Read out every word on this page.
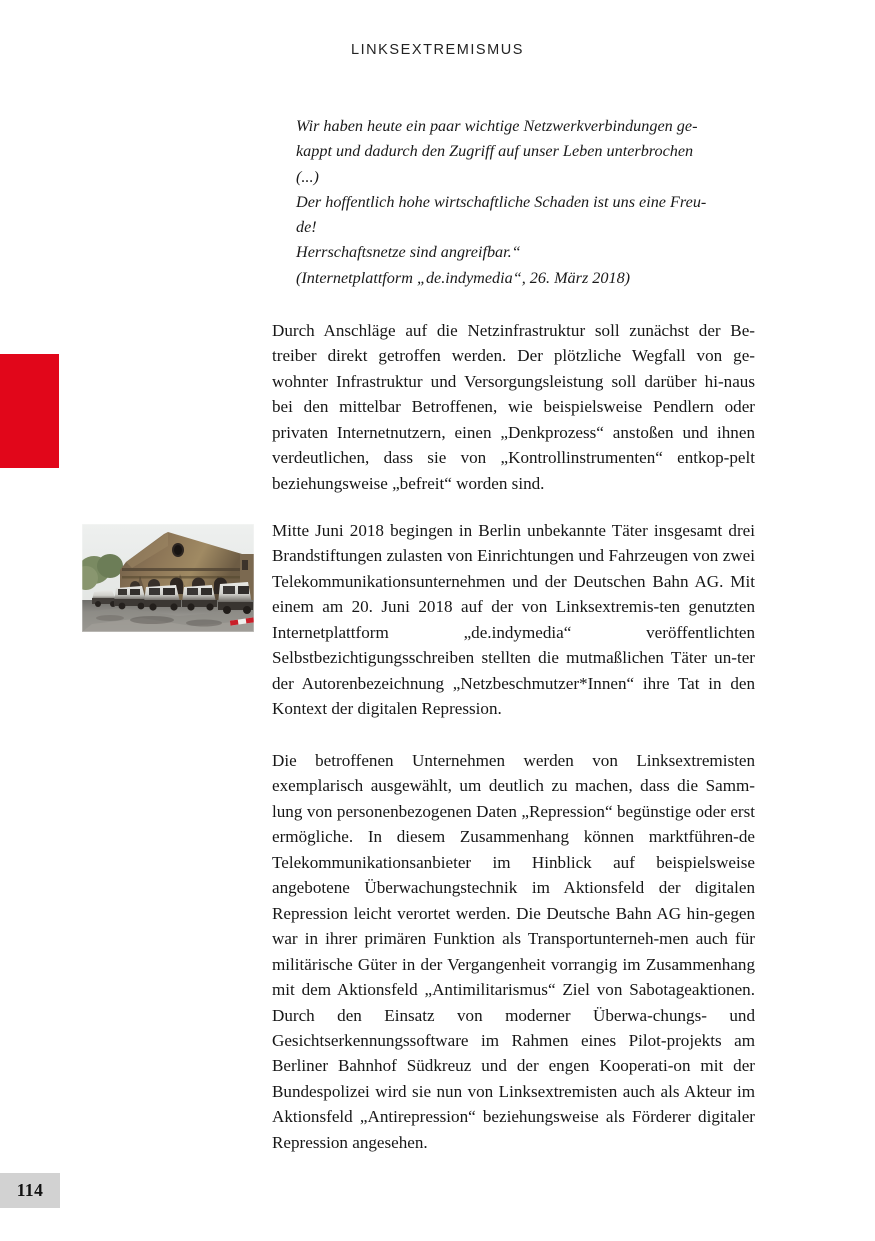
LINKSEXTREMISMUS
Wir haben heute ein paar wichtige Netzwerkverbindungen ge-
kappt und dadurch den Zugriff auf unser Leben unterbrochen
(...)
Der hoffentlich hohe wirtschaftliche Schaden ist uns eine Freu-
de!
Herrschaftsnetze sind angreifbar.“
(Internetplattform „de.indymedia“, 26. März 2018)

Durch Anschläge auf die Netzinfrastruktur soll zunächst der Be-treiber direkt getroffen werden. Der plötzliche Wegfall von ge-wohnter Infrastruktur und Versorgungsleistung soll darüber hi-naus bei den mittelbar Betroffenen, wie beispielsweise Pendlern oder privaten Internetnutzern, einen „Denkprozess“ anstoßen und ihnen verdeutlichen, dass sie von „Kontrollinstrumenten“ entkop-pelt beziehungsweise „befreit“ worden sind.

Mitte Juni 2018 begingen in Berlin unbekannte Täter insgesamt drei Brandstiftungen zulasten von Einrichtungen und Fahrzeugen von zwei Telekommunikationsunternehmen und der Deutschen Bahn AG. Mit einem am 20. Juni 2018 auf der von Linksextremis-ten genutzten Internetplattform „de.indymedia“ veröffentlichten Selbstbezichtigungsschreiben stellten die mutmaßlichen Täter un-ter der Autorenbezeichnung „Netzbeschmutzer*Innen“ ihre Tat in den Kontext der digitalen Repression.

Die betroffenen Unternehmen werden von Linksextremisten exemplarisch ausgewählt, um deutlich zu machen, dass die Samm-lung von personenbezogenen Daten „Repression“ begünstige oder erst ermögliche. In diesem Zusammenhang können marktführen-de Telekommunikationsanbieter im Hinblick auf beispielsweise angebotene Überwachungstechnik im Aktionsfeld der digitalen Repression leicht verortet werden. Die Deutsche Bahn AG hin-gegen war in ihrer primären Funktion als Transportunterneh-men auch für militärische Güter in der Vergangenheit vorrangig im Zusammenhang mit dem Aktionsfeld „Antimilitarismus“ Ziel von Sabotageaktionen. Durch den Einsatz von moderner Überwa-chungs- und Gesichtserkennungssoftware im Rahmen eines Pilot-projekts am Berliner Bahnhof Südkreuz und der engen Kooperati-on mit der Bundespolizei wird sie nun von Linksextremisten auch als Akteur im Aktionsfeld „Antirepression“ beziehungsweise als Förderer digitaler Repression angesehen.

114
